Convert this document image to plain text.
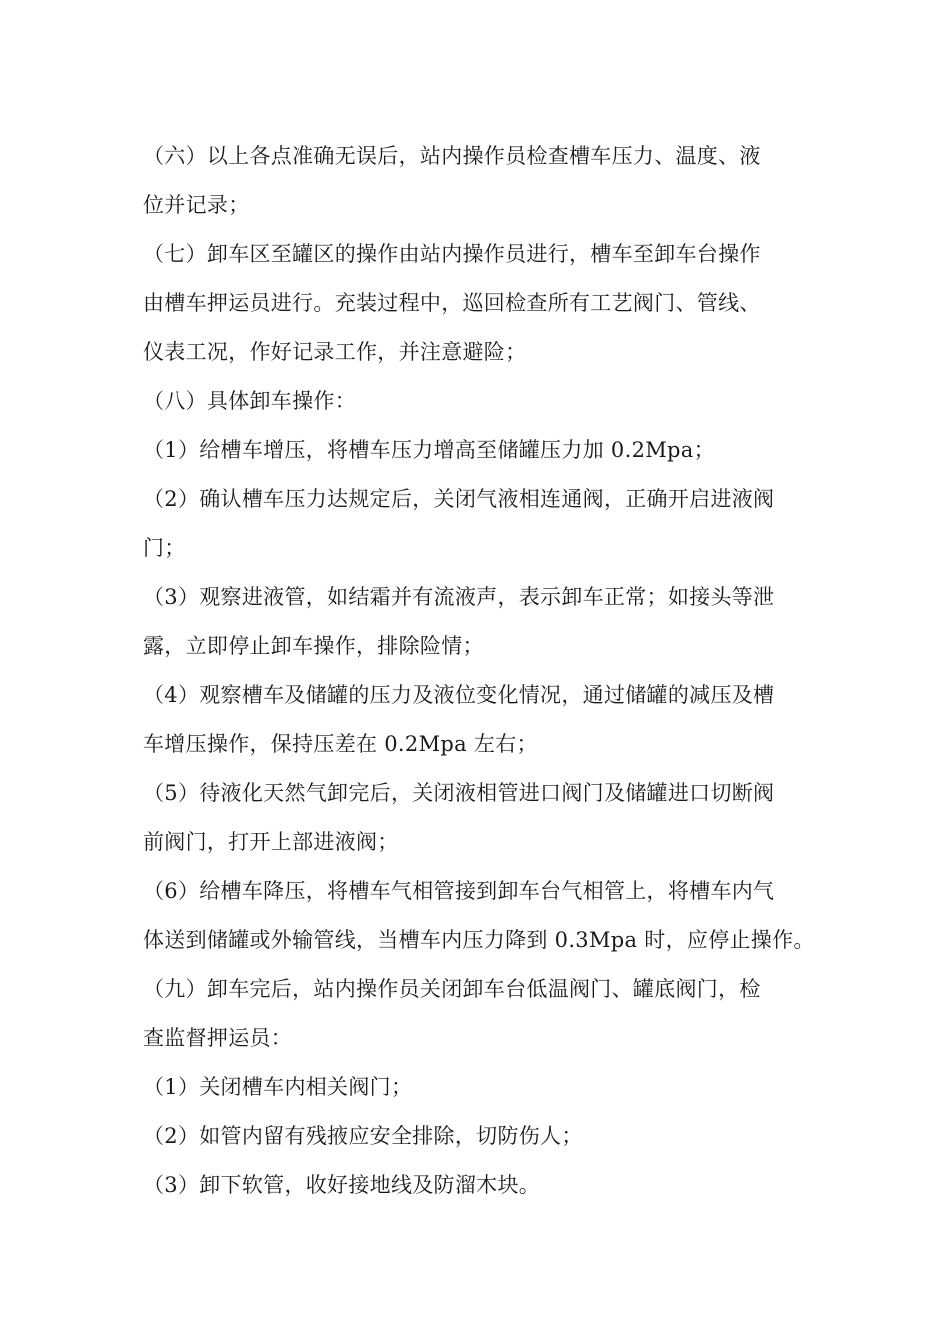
（六）以上各点准确无误后，站内操作员检查槽车压力、温度、液
位并记录；
（七）卸车区至罐区的操作由站内操作员进行，槽车至卸车台操作
由槽车押运员进行。充装过程中，巡回检查所有工艺阀门、管线、
仪表工况，作好记录工作，并注意避险；
（八）具体卸车操作：
（1）给槽车增压，将槽车压力增高至储罐压力加 0.2Mpa；
（2）确认槽车压力达规定后，关闭气液相连通阀，正确开启进液阀
门；
（3）观察进液管，如结霜并有流液声，表示卸车正常；如接头等泄
露，立即停止卸车操作，排除险情；
（4）观察槽车及储罐的压力及液位变化情况，通过储罐的减压及槽
车增压操作，保持压差在 0.2Mpa 左右；
（5）待液化天然气卸完后，关闭液相管进口阀门及储罐进口切断阀
前阀门，打开上部进液阀；
（6）给槽车降压，将槽车气相管接到卸车台气相管上，将槽车内气
体送到储罐或外输管线，当槽车内压力降到 0.3Mpa 时，应停止操作。
（九）卸车完后，站内操作员关闭卸车台低温阀门、罐底阀门，检
查监督押运员：
（1）关闭槽车内相关阀门；
（2）如管内留有残掖应安全排除，切防伤人；
（3）卸下软管，收好接地线及防溜木块。
